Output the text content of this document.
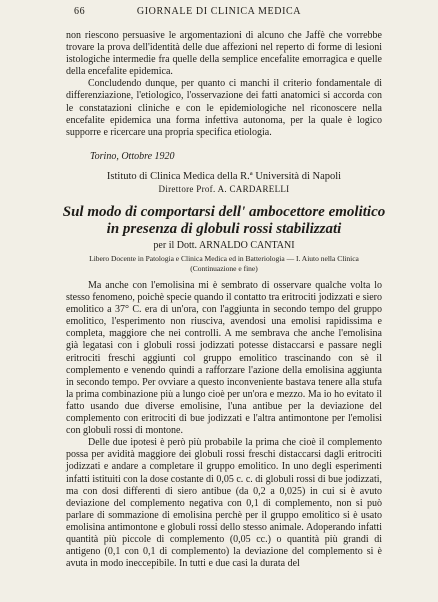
66	GIORNALE DI CLINICA MEDICA

non riescono persuasive le argomentazioni di alcuno che Jaffè che vorrebbe trovare la prova dell'identità delle due affezioni nel reperto di forme di lesioni istologiche intermedie fra quelle della semplice encefalite emorragica e quelle della encefalite epidemica.

Concludendo dunque, per quanto ci manchi il criterio fondamentale di differenziazione, l'etiologico, l'osservazione dei fatti anatomici si accorda con le constatazioni cliniche e con le epidemiologiche nel riconoscere nella encefalite epidemica una forma infettiva autonoma, per la quale è logico supporre e ricercare una propria specifica etiologia.

Torino, Ottobre 1920
Istituto di Clinica Medica della R.ª Università di Napoli
Direttore Prof. A. CARDARELLI
Sul modo di comportarsi dell' ambocettore emolitico
in presenza di globuli rossi stabilizzati
per il Dott. ARNALDO CANTANI
Libero Docente in Patologia e Clinica Medica ed in Batteriologia — I. Aiuto nella Clinica
(Continuazione e fine)

Ma anche con l'emolisina mi è sembrato di osservare qualche volta lo stesso fenomeno, poichè specie quando il contatto tra eritrociti jodizzati e siero emolitico a 37° C. era di un'ora, con l'aggiunta in secondo tempo del gruppo emolitico, l'esperimento non riusciva, avendosi una emolisi rapidissima e completa, maggiore che nei controlli. A me sembrava che anche l'emolisina già legatasi con i globuli rossi jodizzati potesse distaccarsi e passare negli eritrociti freschi aggiunti col gruppo emolitico trascinando con sè il complemento e venendo quindi a rafforzare l'azione della emolisina aggiunta in secondo tempo. Per ovviare a questo inconveniente bastava tenere alla stufa la prima combinazione più a lungo cioè per un'ora e mezzo. Ma io ho evitato il fatto usando due diverse emolisine, l'una antibue per la deviazione del complemento con eritrociti di bue jodizzati e l'altra antimontone per l'emolisi con globuli rossi di montone.

Delle due ipotesi è però più probabile la prima che cioè il complemento possa per avidità maggiore dei globuli rossi freschi distaccarsi dagli eritrociti jodizzati e andare a completare il gruppo emolitico. In uno degli esperimenti infatti istituiti con la dose costante di 0,05 c. c. di globuli rossi di bue jodizzati, ma con dosi differenti di siero antibue (da 0,2 a 0,025) in cui si è avuto deviazione del complemento negativa con 0,1 di complemento, non si può parlare di sommazione di emolisina perchè per il gruppo emolitico si è usato emolisina antimontone e globuli rossi dello stesso animale. Adoperando infatti quantità più piccole di complemento (0,05 cc.) o quantità più grandi di antigeno (0,1 con 0,1 di complemento) la deviazione del complemento si è avuta in modo ineccepibile. In tutti e due casi la durata del
